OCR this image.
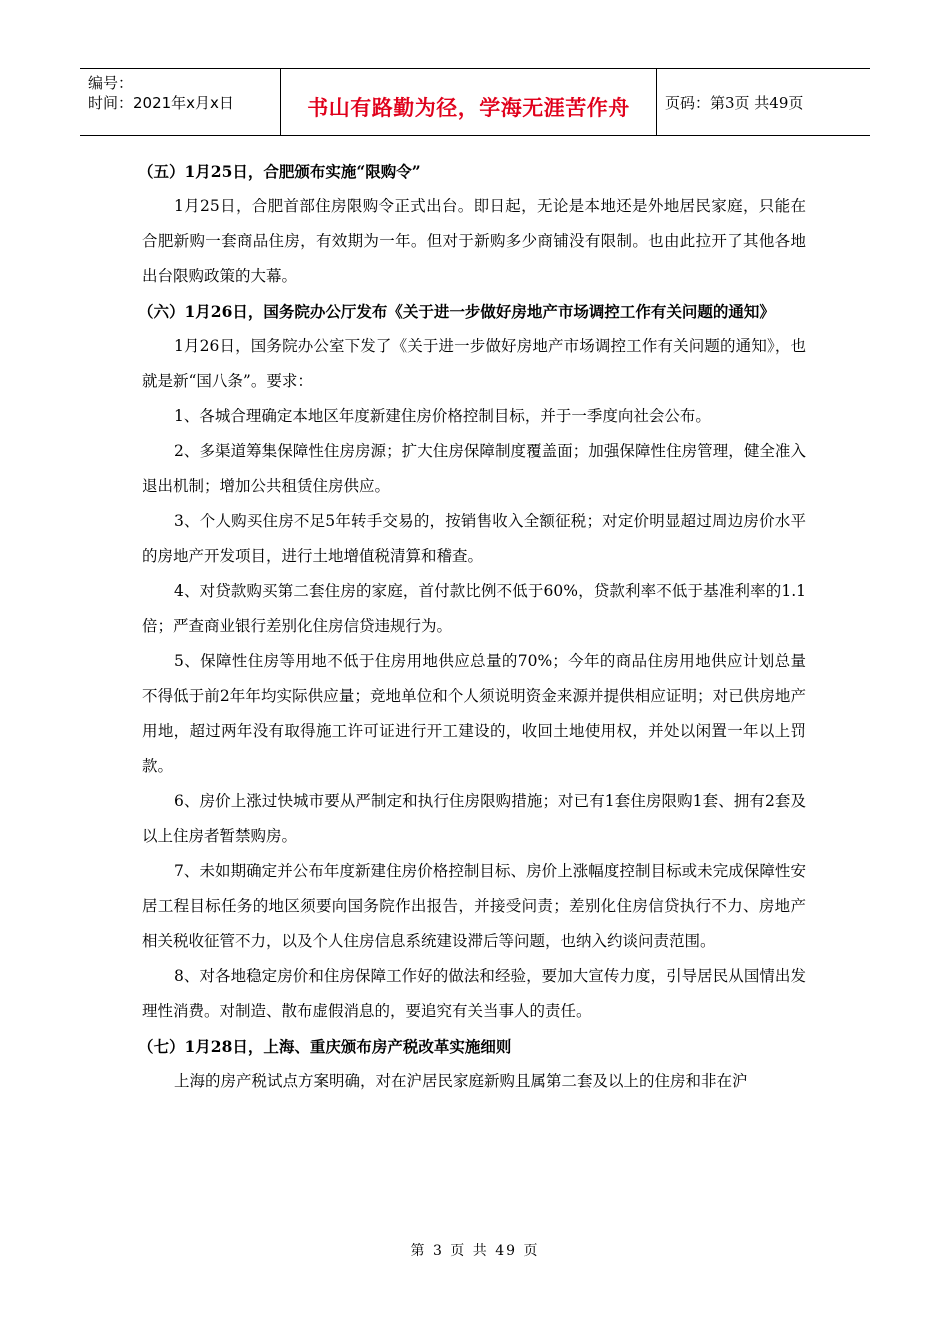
编号：
时间：2021年x月x日	书山有路勤为径，学海无涯苦作舟 页码：第3页 共49页

（五）1月25日，合肥颁布实施“限购令”

1月25日，合肥首部住房限购令正式出台。即日起，无论是本地还是外地居民家庭，只能在合肥新购一套商品住房，有效期为一年。但对于新购多少商铺没有限制。也由此拉开了其他各地出台限购政策的大幕。

（六）1月26日，国务院办公厅发布《关于进一步做好房地产市场调控工作有关问题的通知》

1月26日，国务院办公室下发了《关于进一步做好房地产市场调控工作有关问题的通知》，也就是新“国八条”。要求：

1、各城合理确定本地区年度新建住房价格控制目标，并于一季度向社会公布。

2、多渠道筹集保障性住房房源；扩大住房保障制度覆盖面；加强保障性住房管理，健全准入退出机制；增加公共租赁住房供应。

3、个人购买住房不足5年转手交易的，按销售收入全额征税；对定价明显超过周边房价水平的房地产开发项目，进行土地增值税清算和稽查。

4、对贷款购买第二套住房的家庭，首付款比例不低于60%，贷款利率不低于基准利率的1.1倍；严查商业银行差别化住房信贷违规行为。

5、保障性住房等用地不低于住房用地供应总量的70%；今年的商品住房用地供应计划总量不得低于前2年年均实际供应量；竞地单位和个人须说明资金来源并提供相应证明；对已供房地产用地，超过两年没有取得施工许可证进行开工建设的，收回土地使用权，并处以闲置一年以上罚款。

6、房价上涨过快城市要从严制定和执行住房限购措施；对已有1套住房限购1套、拥有2套及以上住房者暂禁购房。

7、未如期确定并公布年度新建住房价格控制目标、房价上涨幅度控制目标或未完成保障性安居工程目标任务的地区须要向国务院作出报告，并接受问责；差别化住房信贷执行不力、房地产相关税收征管不力，以及个人住房信息系统建设滞后等问题，也纳入约谈问责范围。

8、对各地稳定房价和住房保障工作好的做法和经验，要加大宣传力度，引导居民从国情出发理性消费。对制造、散布虚假消息的，要追究有关当事人的责任。

（七）1月28日，上海、重庆颁布房产税改革实施细则

上海的房产税试点方案明确，对在沪居民家庭新购且属第二套及以上的住房和非在沪

第 3 页 共 49 页
